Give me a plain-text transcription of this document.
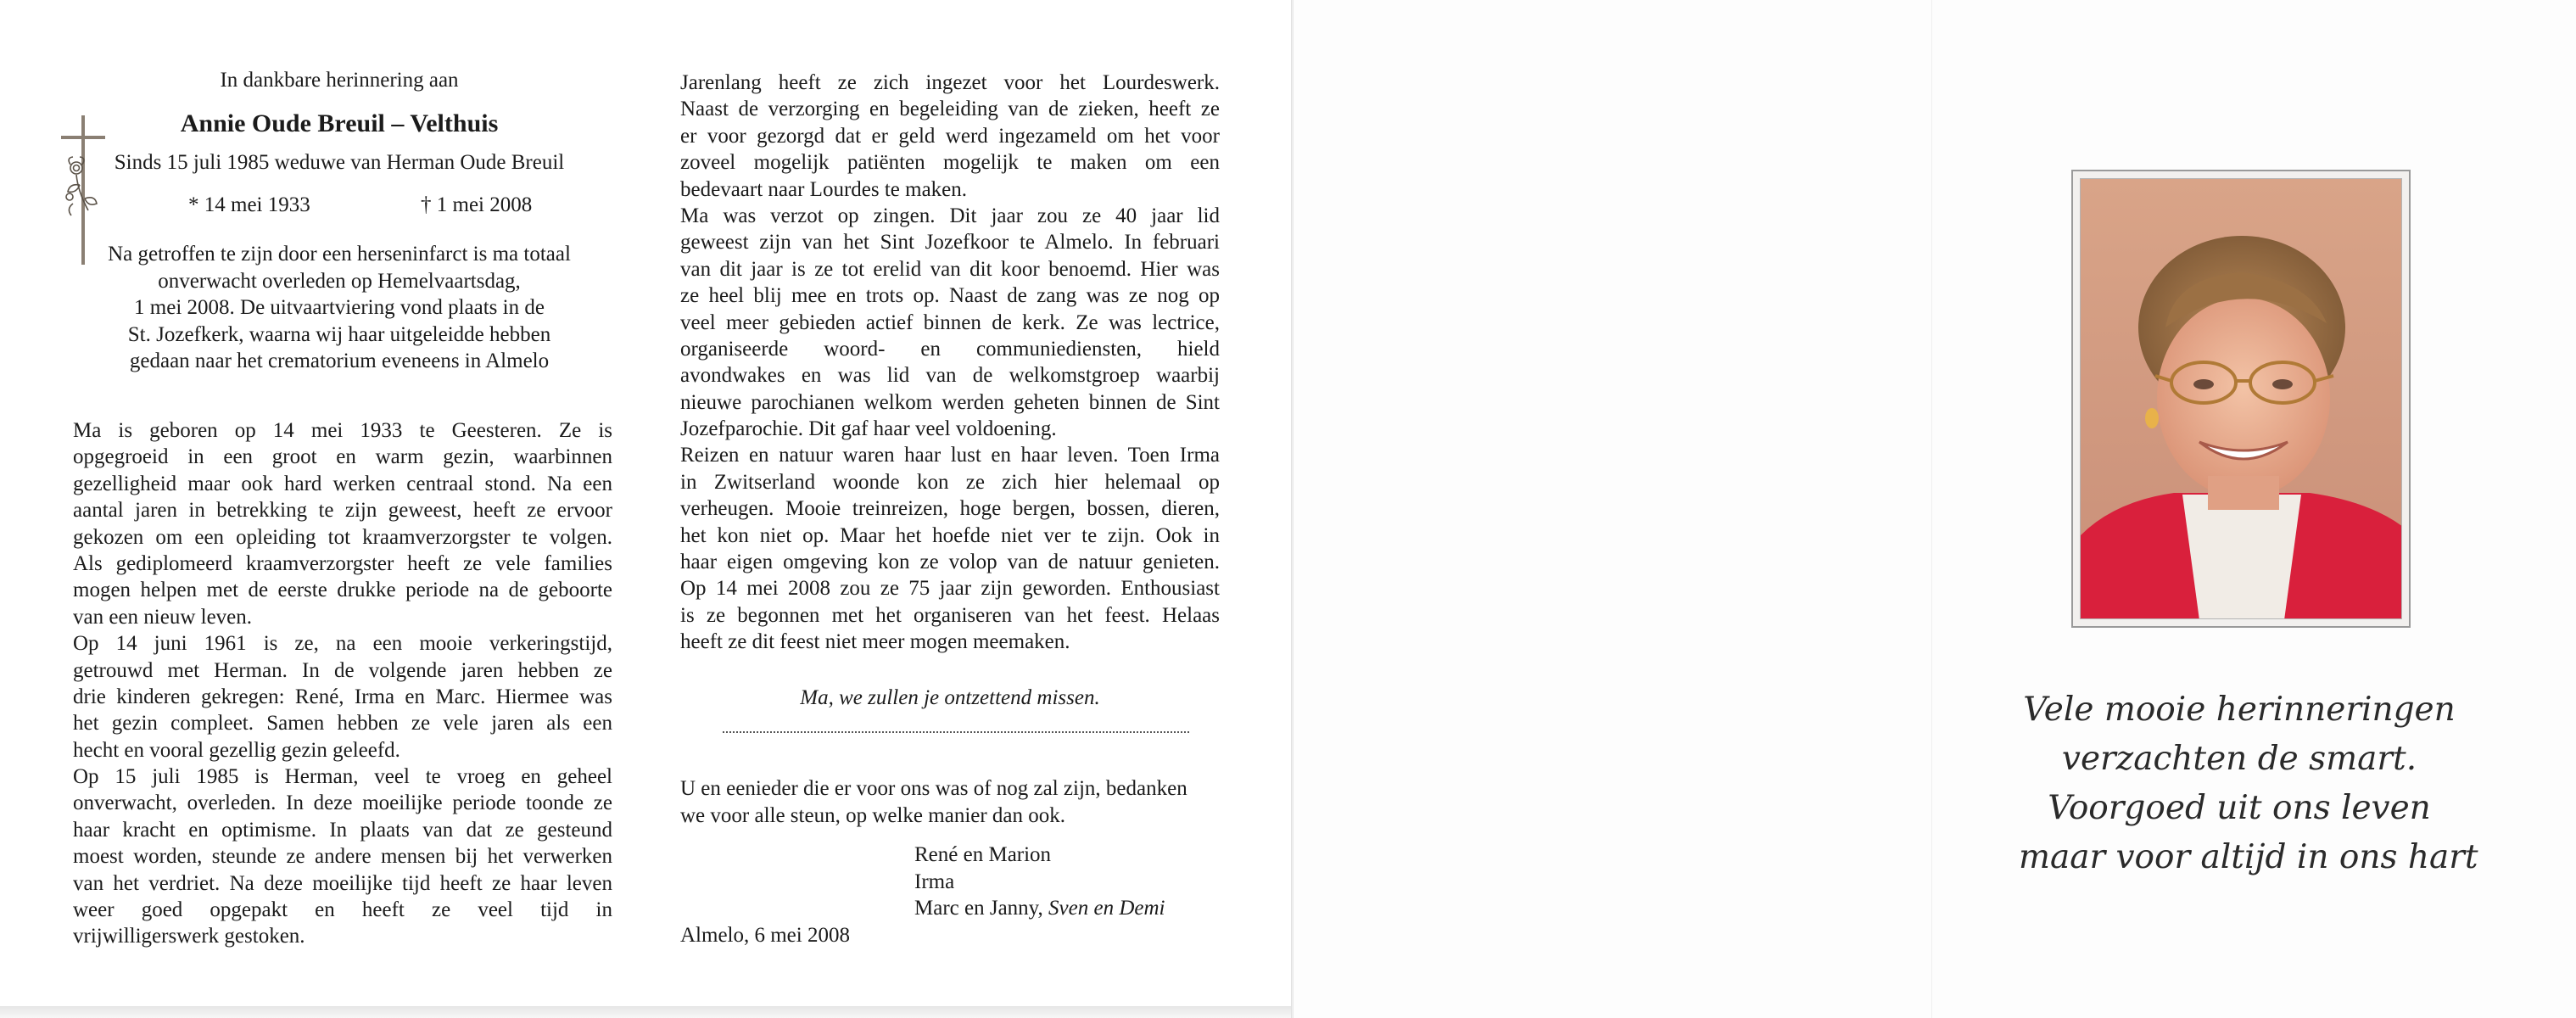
In dankbare herinnering aan
Annie Oude Breuil – Velthuis
Sinds 15 juli 1985 weduwe van Herman Oude Breuil
* 14 mei 1933	† 1 mei 2008
Na getroffen te zijn door een herseninfarct is ma totaal
onverwacht overleden op Hemelvaartsdag,
1 mei 2008. De uitvaartviering vond plaats in de
St. Jozefkerk, waarna wij haar uitgeleidde hebben
gedaan naar het crematorium eveneens in Almelo
Ma is geboren op 14 mei 1933 te Geesteren. Ze is
opgegroeid in een groot en warm gezin, waarbinnen
gezelligheid maar ook hard werken centraal stond. Na een
aantal jaren in betrekking te zijn geweest, heeft ze ervoor
gekozen om een opleiding tot kraamverzorgster te volgen.
Als gediplomeerd kraamverzorgster heeft ze vele families
mogen helpen met de eerste drukke periode na de geboorte
van een nieuw leven.
Op 14 juni 1961 is ze, na een mooie verkeringstijd,
getrouwd met Herman. In de volgende jaren hebben ze
drie kinderen gekregen: René, Irma en Marc. Hiermee was
het gezin compleet. Samen hebben ze vele jaren als een
hecht en vooral gezellig gezin geleefd.
Op 15 juli 1985 is Herman, veel te vroeg en geheel
onverwacht, overleden. In deze moeilijke periode toonde ze
haar kracht en optimisme. In plaats van dat ze gesteund
moest worden, steunde ze andere mensen bij het verwerken
van het verdriet. Na deze moeilijke tijd heeft ze haar leven
weer goed opgepakt en heeft ze veel tijd in
vrijwilligerswerk gestoken.
Jarenlang heeft ze zich ingezet voor het Lourdeswerk.
Naast de verzorging en begeleiding van de zieken, heeft ze
er voor gezorgd dat er geld werd ingezameld om het voor
zoveel mogelijk patiënten mogelijk te maken om een
bedevaart naar Lourdes te maken.
Ma was verzot op zingen. Dit jaar zou ze 40 jaar lid
geweest zijn van het Sint Jozefkoor te Almelo. In februari
van dit jaar is ze tot erelid van dit koor benoemd. Hier was
ze heel blij mee en trots op. Naast de zang was ze nog op
veel meer gebieden actief binnen de kerk. Ze was lectrice,
organiseerde woord- en communiediensten, hield
avondwakes en was lid van de welkomstgroep waarbij
nieuwe parochianen welkom werden geheten binnen de Sint
Jozefparochie. Dit gaf haar veel voldoening.
Reizen en natuur waren haar lust en haar leven. Toen Irma
in Zwitserland woonde kon ze zich hier helemaal op
verheugen. Mooie treinreizen, hoge bergen, bossen, dieren,
het kon niet op. Maar het hoefde niet ver te zijn. Ook in
haar eigen omgeving kon ze volop van de natuur genieten.
Op 14 mei 2008 zou ze 75 jaar zijn geworden. Enthousiast
is ze begonnen met het organiseren van het feest. Helaas
heeft ze dit feest niet meer mogen meemaken.
Ma, we zullen je ontzettend missen.
U en eenieder die er voor ons was of nog zal zijn, bedanken
we voor alle steun, op welke manier dan ook.
René en Marion
Irma
Marc en Janny, Sven en Demi
Almelo, 6 mei 2008
Vele mooie herinneringen
verzachten de smart.
Voorgoed uit ons leven
maar voor altijd in ons hart
